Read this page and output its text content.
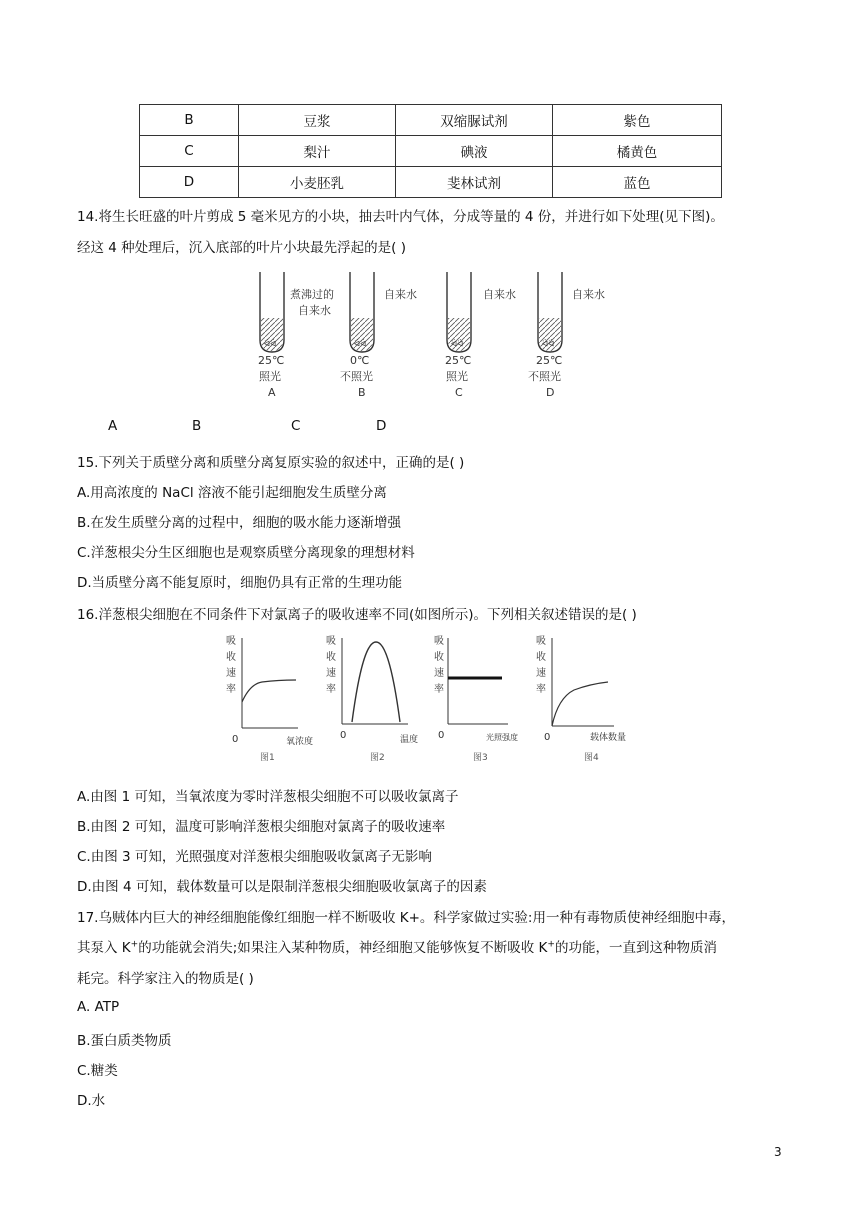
B	豆浆	双缩脲试剂	紫色
C	梨汁	碘液	橘黄色
D	小麦胚乳	斐林试剂	蓝色
14.将生长旺盛的叶片剪成 5 毫米见方的小块，抽去叶内气体，分成等量的 4 份，并进行如下处理(见下图)。
经这 4 种处理后，沉入底部的叶片小块最先浮起的是( )
ᐛᐛ
煮沸过的
自来水
25℃
照光
A
ᐛᐛ
自来水
0℃
不照光
B
ᐛᐛ
自来水
25℃
照光
C
ᐛᐛ
自来水
25℃
不照光
D
A	B	C	D
15.下列关于质壁分离和质壁分离复原实验的叙述中，正确的是( )
A.用高浓度的 NaCl 溶液不能引起细胞发生质壁分离
B.在发生质壁分离的过程中，细胞的吸水能力逐渐增强
C.洋葱根尖分生区细胞也是观察质壁分离现象的理想材料
D.当质壁分离不能复原时，细胞仍具有正常的生理功能
16.洋葱根尖细胞在不同条件下对氯离子的吸收速率不同(如图所示)。下列相关叙述错误的是( )
吸
收
速
率
0	氧浓度
图1
吸
收
速
率
0	温度
图2
吸
收
速
率
0	光照强度
图3
吸
收
速
率
0	载体数量
图4
A.由图 1 可知，当氧浓度为零时洋葱根尖细胞不可以吸收氯离子
B.由图 2 可知，温度可影响洋葱根尖细胞对氯离子的吸收速率
C.由图 3 可知，光照强度对洋葱根尖细胞吸收氯离子无影响
D.由图 4 可知，载体数量可以是限制洋葱根尖细胞吸收氯离子的因素
17.乌贼体内巨大的神经细胞能像红细胞一样不断吸收 K+。科学家做过实验:用一种有毒物质使神经细胞中毒，
其泵入 K+的功能就会消失;如果注入某种物质，神经细胞又能够恢复不断吸收 K+的功能，一直到这种物质消
耗完。科学家注入的物质是( )
A. ATP
B.蛋白质类物质
C.糖类
D.水
3
